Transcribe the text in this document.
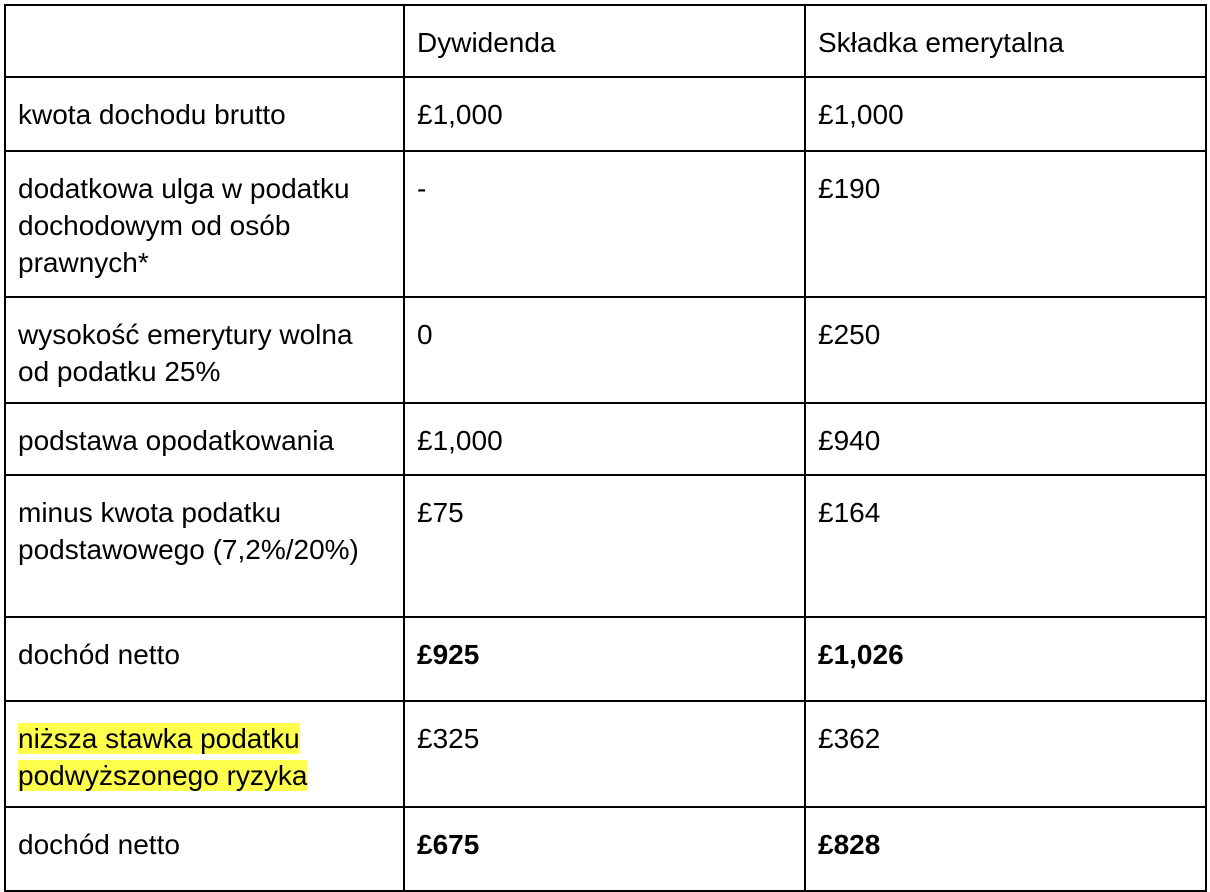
	Dywidenda	Składka emerytalna
kwota dochodu brutto	£1,000	£1,000
dodatkowa ulga w podatku dochodowym od osób prawnych*	-	£190
wysokość emerytury wolna od podatku 25%	0	£250
podstawa opodatkowania	£1,000	£940
minus kwota podatku podstawowego (7,2%/20%)	£75	£164
dochód netto	£925	£1,026
niższa stawka podatku podwyższonego ryzyka	£325	£362
dochód netto	£675	£828
